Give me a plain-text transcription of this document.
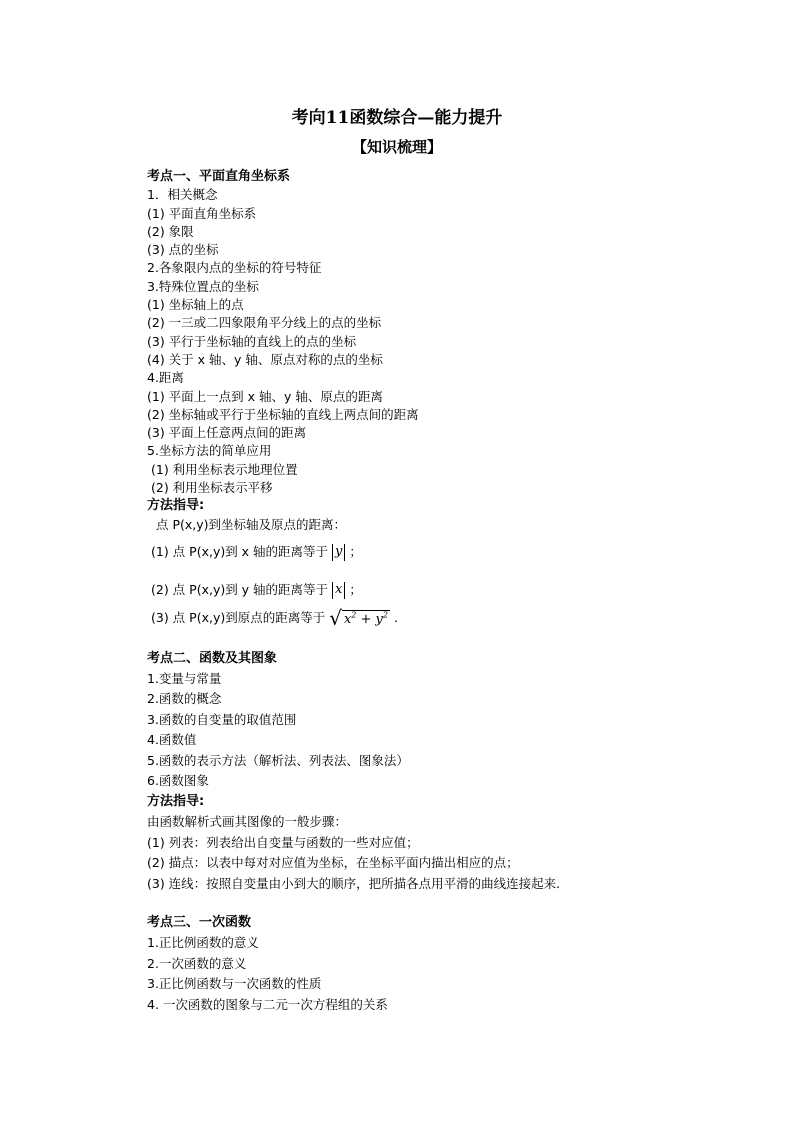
考向11函数综合—能力提升
【知识梳理】
考点一、平面直角坐标系
1．相关概念
(1) 平面直角坐标系
(2) 象限
(3) 点的坐标
2.各象限内点的坐标的符号特征
3.特殊位置点的坐标
(1) 坐标轴上的点
(2) 一三或二四象限角平分线上的点的坐标
(3) 平行于坐标轴的直线上的点的坐标
(4) 关于 x 轴、y 轴、原点对称的点的坐标
4.距离
(1) 平面上一点到 x 轴、y 轴、原点的距离
(2) 坐标轴或平行于坐标轴的直线上两点间的距离
(3) 平面上任意两点间的距离
5.坐标方法的简单应用
(1) 利用坐标表示地理位置
(2) 利用坐标表示平移
方法指导:
点 P(x,y)到坐标轴及原点的距离：
(1) 点 P(x,y)到 x 轴的距离等于 y ；
(2) 点 P(x,y)到 y 轴的距离等于 x ；
(3) 点 P(x,y)到原点的距离等于 √ $x^2 + y^2$ .
考点二、函数及其图象
1.变量与常量
2.函数的概念
3.函数的自变量的取值范围
4.函数值
5.函数的表示方法（解析法、列表法、图象法）
6.函数图象
方法指导:
由函数解析式画其图像的一般步骤：
(1) 列表：列表给出自变量与函数的一些对应值；
(2) 描点：以表中每对对应值为坐标，在坐标平面内描出相应的点；
(3) 连线：按照自变量由小到大的顺序，把所描各点用平滑的曲线连接起来.
考点三、一次函数
1.正比例函数的意义
2.一次函数的意义
3.正比例函数与一次函数的性质
4. 一次函数的图象与二元一次方程组的关系
